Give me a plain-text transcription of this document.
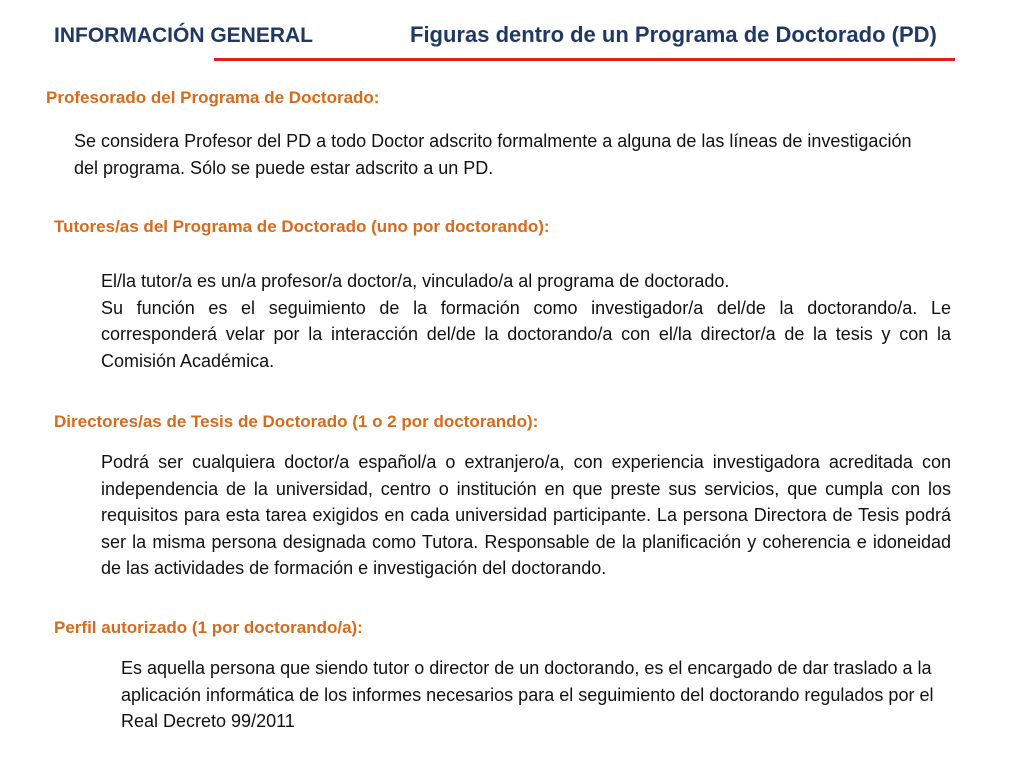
INFORMACIÓN GENERAL	Figuras dentro de un Programa de Doctorado (PD)
Profesorado del Programa de Doctorado:
Se considera Profesor del PD a todo Doctor adscrito formalmente a alguna de las líneas de investigación del programa. Sólo se puede estar adscrito a un PD.
Tutores/as del Programa de Doctorado (uno por doctorando):
El/la tutor/a es un/a profesor/a doctor/a, vinculado/a al programa de doctorado.
Su función es el seguimiento de la formación como investigador/a del/de la doctorando/a. Le corresponderá velar por la interacción del/de la doctorando/a con el/la director/a de la tesis y con la Comisión Académica.
Directores/as de Tesis de Doctorado (1 o 2 por doctorando):
Podrá ser cualquiera doctor/a español/a o extranjero/a, con experiencia investigadora acreditada con independencia de la universidad, centro o institución en que preste sus servicios, que cumpla con los requisitos para esta tarea exigidos en cada universidad participante. La persona Directora de Tesis podrá ser la misma persona designada como Tutora. Responsable de la planificación y coherencia e idoneidad de las actividades de formación e investigación del doctorando.
Perfil autorizado (1 por doctorando/a):
Es aquella persona que siendo tutor o director de un doctorando, es el encargado de dar traslado a la aplicación informática de los informes necesarios para el seguimiento del doctorando regulados por el Real Decreto 99/2011
